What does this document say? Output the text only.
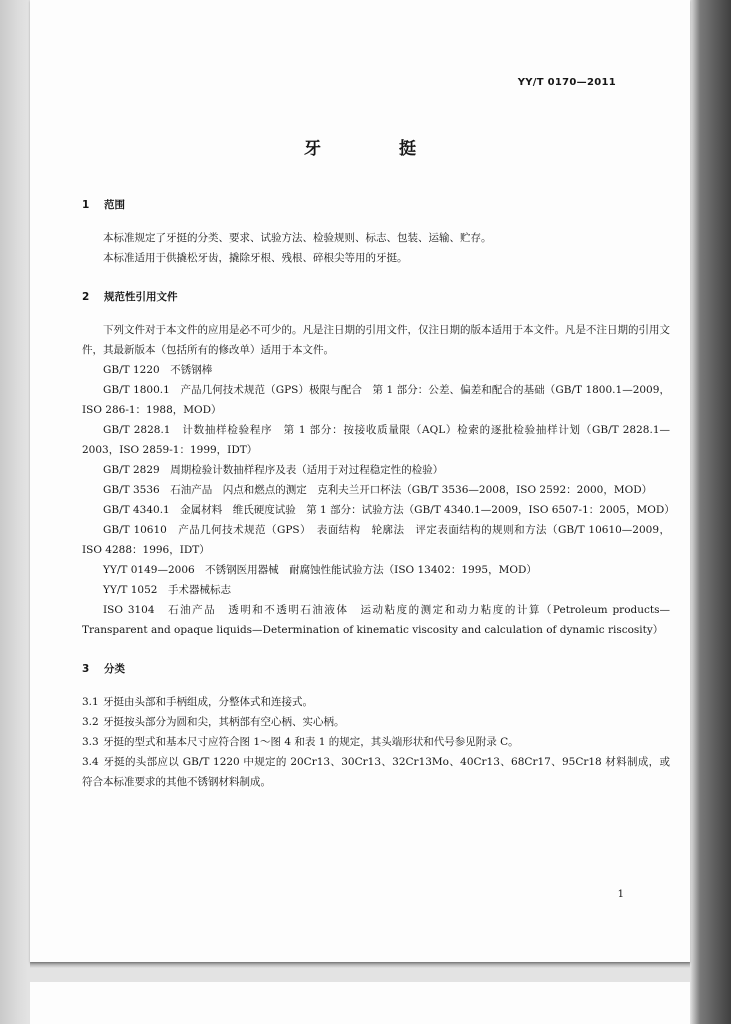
YY/T 0170—2011
牙挺
1 范围
本标准规定了牙挺的分类、要求、试验方法、检验规则、标志、包装、运输、贮存。
本标准适用于供撬松牙齿，撬除牙根、残根、碎根尖等用的牙挺。
2 规范性引用文件
下列文件对于本文件的应用是必不可少的。凡是注日期的引用文件，仅注日期的版本适用于本文件。凡是不注日期的引用文件，其最新版本（包括所有的修改单）适用于本文件。
GB/T 1220　不锈钢棒
GB/T 1800.1　产品几何技术规范（GPS）极限与配合　第 1 部分：公差、偏差和配合的基础（GB/T 1800.1—2009，ISO 286-1：1988，MOD）
GB/T 2828.1　计数抽样检验程序　第 1 部分：按接收质量限（AQL）检索的逐批检验抽样计划（GB/T 2828.1—2003，ISO 2859-1：1999，IDT）
GB/T 2829　周期检验计数抽样程序及表（适用于对过程稳定性的检验）
GB/T 3536　石油产品　闪点和燃点的测定　克利夫兰开口杯法（GB/T 3536—2008，ISO 2592：2000，MOD）
GB/T 4340.1　金属材料　维氏硬度试验　第 1 部分：试验方法（GB/T 4340.1—2009，ISO 6507-1：2005，MOD）
GB/T 10610　产品几何技术规范（GPS）　表面结构　轮廓法　评定表面结构的规则和方法（GB/T 10610—2009，ISO 4288：1996，IDT）
YY/T 0149—2006　不锈钢医用器械　耐腐蚀性能试验方法（ISO 13402：1995，MOD）
YY/T 1052　手术器械标志
ISO 3104　石油产品　透明和不透明石油液体　运动粘度的测定和动力粘度的计算（Petroleum products—Transparent and opaque liquids—Determination of kinematic viscosity and calculation of dynamic riscosity）
3 分类
3.1 牙挺由头部和手柄组成，分整体式和连接式。
3.2 牙挺按头部分为圆和尖，其柄部有空心柄、实心柄。
3.3 牙挺的型式和基本尺寸应符合图 1～图 4 和表 1 的规定，其头端形状和代号参见附录 C。
3.4 牙挺的头部应以 GB/T 1220 中规定的 20Cr13、30Cr13、32Cr13Mo、40Cr13、68Cr17、95Cr18 材料制成，或符合本标准要求的其他不锈钢材料制成。
1
